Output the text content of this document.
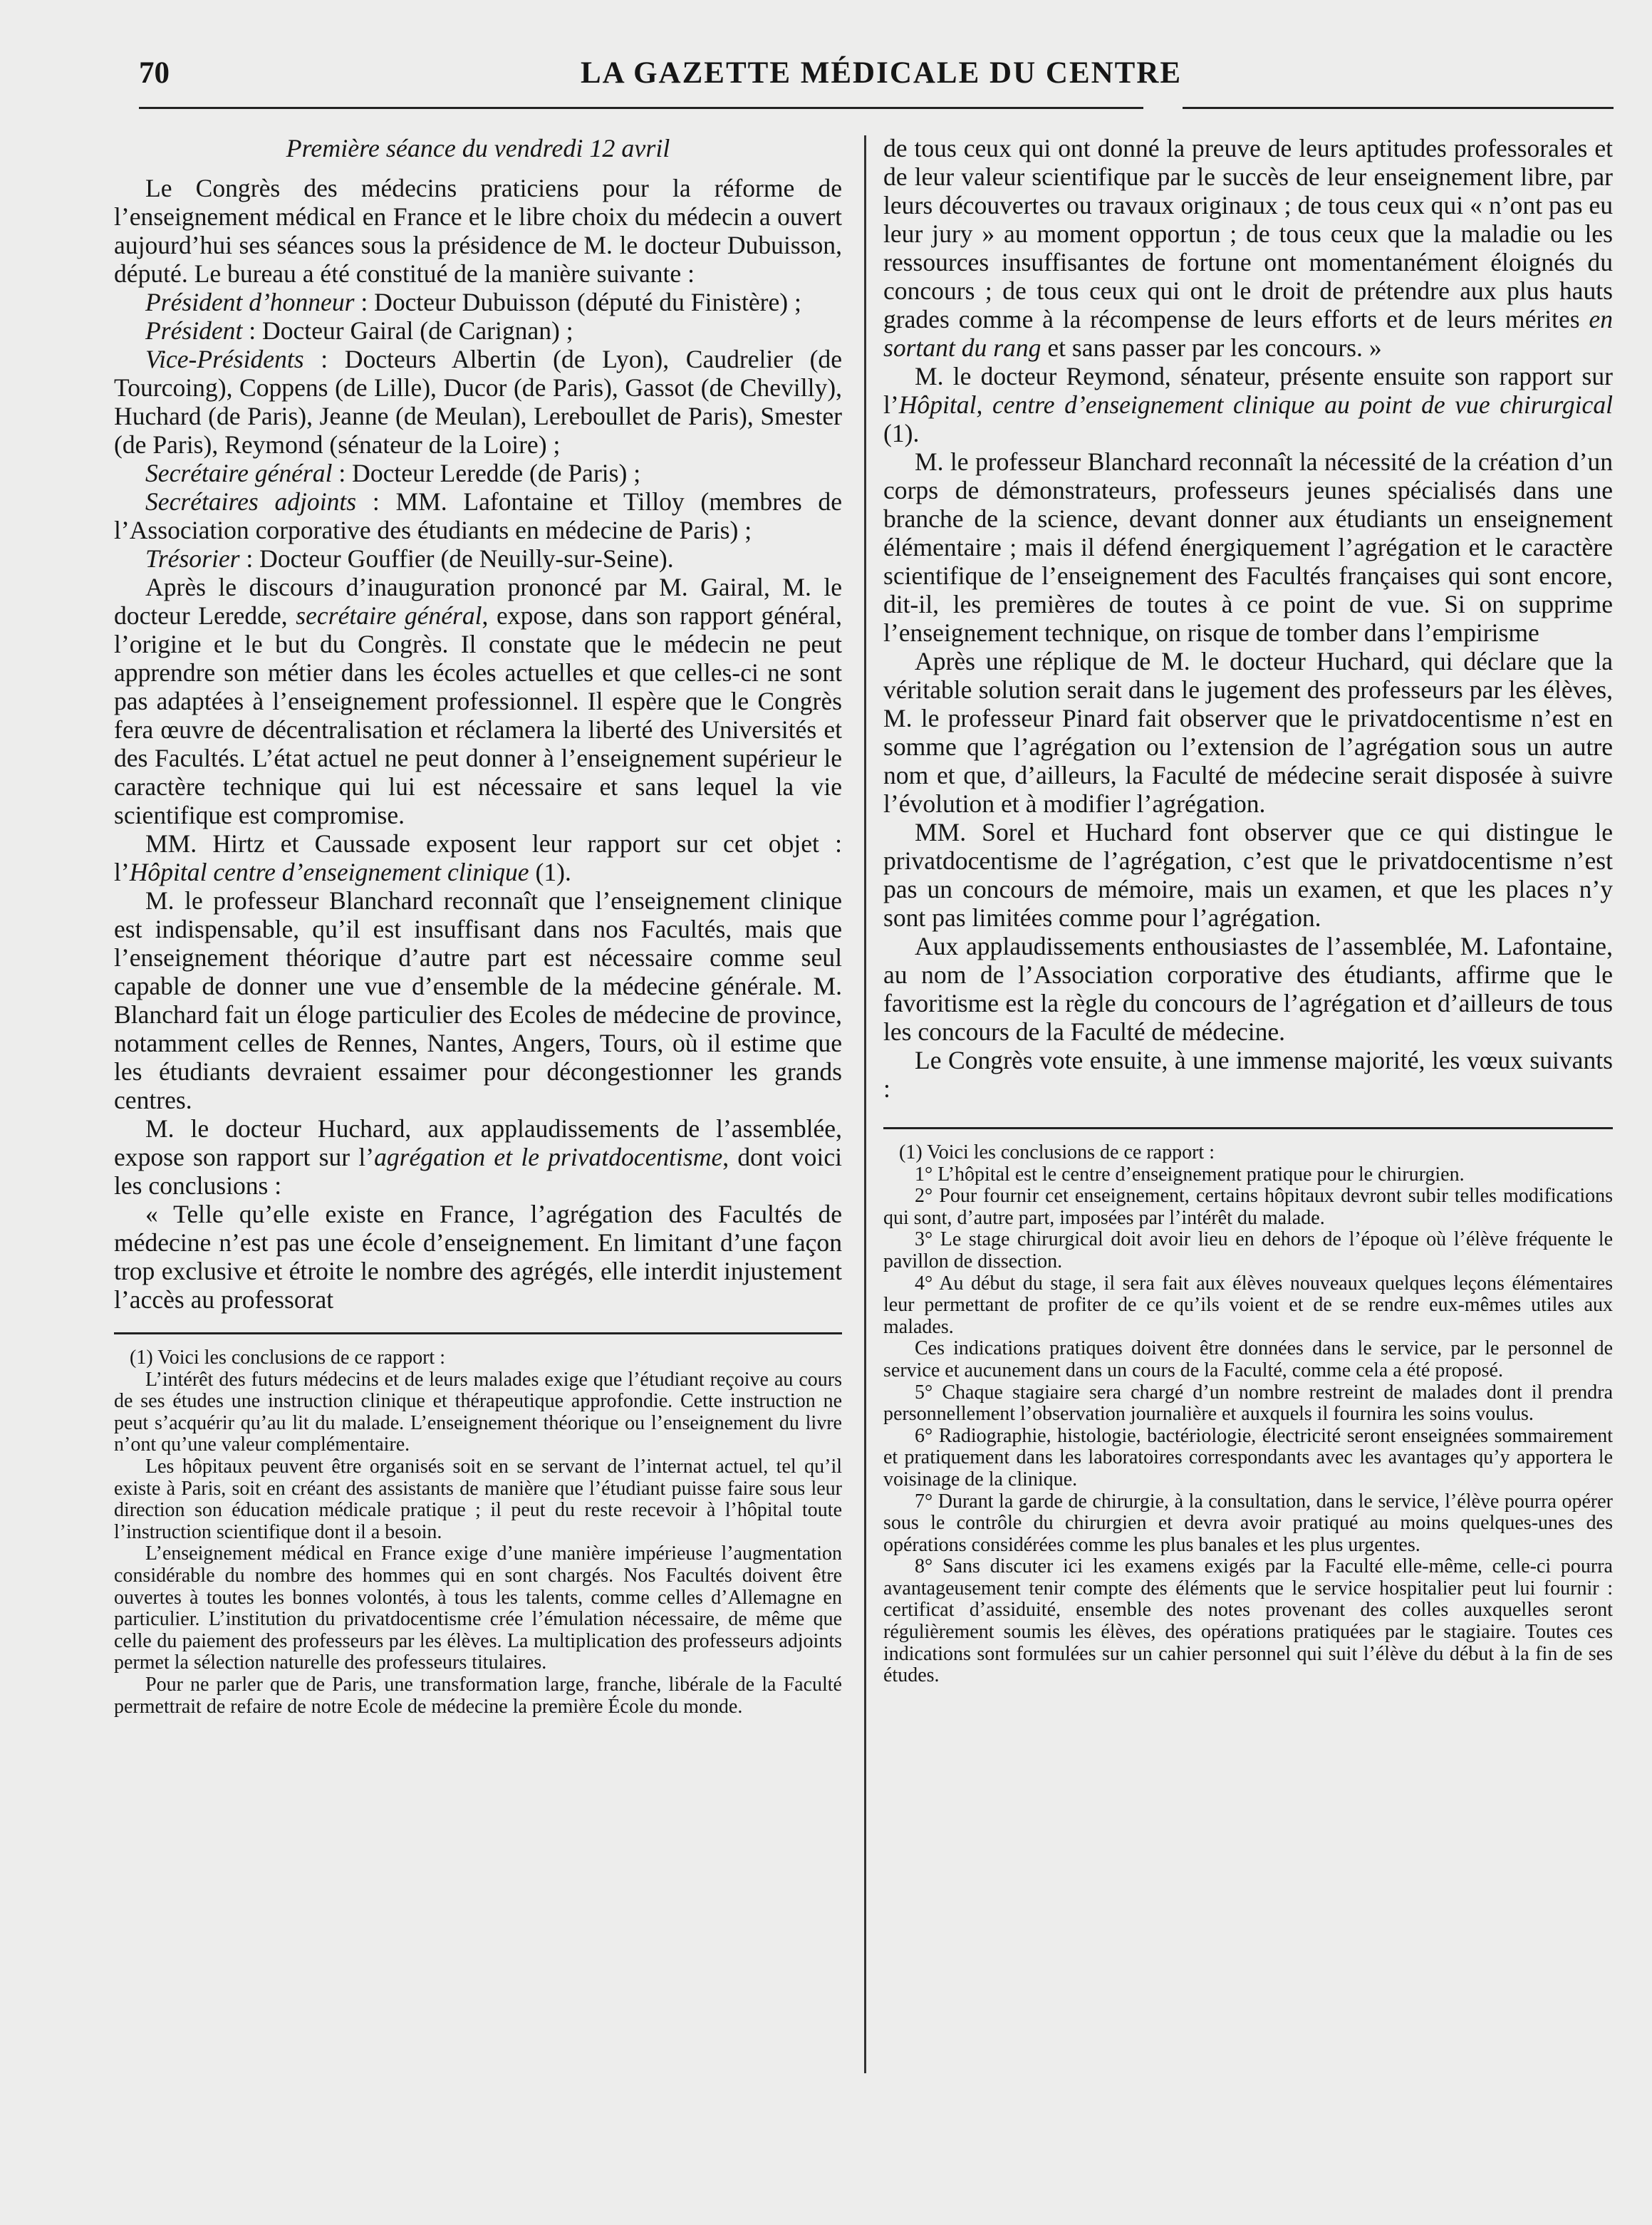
70	LA GAZETTE MÉDICALE DU CENTRE

Première séance du vendredi 12 avril

Le Congrès des médecins praticiens pour la réforme de l’enseignement médical en France et le libre choix du médecin a ouvert aujourd’hui ses séances sous la présidence de M. le docteur Dubuisson, député. Le bureau a été constitué de la manière suivante :

Président d’honneur : Docteur Dubuisson (député du Finistère) ;

Président : Docteur Gairal (de Carignan) ;

Vice-Présidents : Docteurs Albertin (de Lyon), Caudrelier (de Tourcoing), Coppens (de Lille), Ducor (de Paris), Gassot (de Chevilly), Huchard (de Paris), Jeanne (de Meulan), Lereboullet de Paris), Smester (de Paris), Reymond (sénateur de la Loire) ;

Secrétaire général : Docteur Leredde (de Paris) ;

Secrétaires adjoints : MM. Lafontaine et Tilloy (membres de l’Association corporative des étudiants en médecine de Paris) ;

Trésorier : Docteur Gouffier (de Neuilly-sur-Seine).

Après le discours d’inauguration prononcé par M. Gairal, M. le docteur Leredde, secrétaire général, expose, dans son rapport général, l’origine et le but du Congrès. Il constate que le médecin ne peut apprendre son métier dans les écoles actuelles et que celles-ci ne sont pas adaptées à l’enseignement professionnel. Il espère que le Congrès fera œuvre de décentralisation et réclamera la liberté des Universités et des Facultés. L’état actuel ne peut donner à l’enseignement supérieur le caractère technique qui lui est nécessaire et sans lequel la vie scientifique est compromise.

MM. Hirtz et Caussade exposent leur rapport sur cet objet : l’Hôpital centre d’enseignement clinique (1).

M. le professeur Blanchard reconnaît que l’enseignement clinique est indispensable, qu’il est insuffisant dans nos Facultés, mais que l’enseignement théorique d’autre part est nécessaire comme seul capable de donner une vue d’ensemble de la médecine générale. M. Blanchard fait un éloge particulier des Ecoles de médecine de province, notamment celles de Rennes, Nantes, Angers, Tours, où il estime que les étudiants devraient essaimer pour décongestionner les grands centres.

M. le docteur Huchard, aux applaudissements de l’assemblée, expose son rapport sur l’agrégation et le privatdocentisme, dont voici les conclusions :

« Telle qu’elle existe en France, l’agrégation des Facultés de médecine n’est pas une école d’enseignement. En limitant d’une façon trop exclusive et étroite le nombre des agrégés, elle interdit injustement l’accès au professorat

(1) Voici les conclusions de ce rapport :

L’intérêt des futurs médecins et de leurs malades exige que l’étudiant reçoive au cours de ses études une instruction clinique et thérapeutique approfondie. Cette instruction ne peut s’acquérir qu’au lit du malade. L’enseignement théorique ou l’enseignement du livre n’ont qu’une valeur complémentaire.

Les hôpitaux peuvent être organisés soit en se servant de l’internat actuel, tel qu’il existe à Paris, soit en créant des assistants de manière que l’étudiant puisse faire sous leur direction son éducation médicale pratique ; il peut du reste recevoir à l’hôpital toute l’instruction scientifique dont il a besoin.

L’enseignement médical en France exige d’une manière impérieuse l’augmentation considérable du nombre des hommes qui en sont chargés. Nos Facultés doivent être ouvertes à toutes les bonnes volontés, à tous les talents, comme celles d’Allemagne en particulier. L’institution du privatdocentisme crée l’émulation nécessaire, de même que celle du paiement des professeurs par les élèves. La multiplication des professeurs adjoints permet la sélection naturelle des professeurs titulaires.

Pour ne parler que de Paris, une transformation large, franche, libérale de la Faculté permettrait de refaire de notre Ecole de médecine la première École du monde.

de tous ceux qui ont donné la preuve de leurs aptitudes professorales et de leur valeur scientifique par le succès de leur enseignement libre, par leurs découvertes ou travaux originaux ; de tous ceux qui « n’ont pas eu leur jury » au moment opportun ; de tous ceux que la maladie ou les ressources insuffisantes de fortune ont momentanément éloignés du concours ; de tous ceux qui ont le droit de prétendre aux plus hauts grades comme à la récompense de leurs efforts et de leurs mérites en sortant du rang et sans passer par les concours. »

M. le docteur Reymond, sénateur, présente ensuite son rapport sur l’Hôpital, centre d’enseignement clinique au point de vue chirurgical (1).

M. le professeur Blanchard reconnaît la nécessité de la création d’un corps de démonstrateurs, professeurs jeunes spécialisés dans une branche de la science, devant donner aux étudiants un enseignement élémentaire ; mais il défend énergiquement l’agrégation et le caractère scientifique de l’enseignement des Facultés françaises qui sont encore, dit-il, les premières de toutes à ce point de vue. Si on supprime l’enseignement technique, on risque de tomber dans l’empirisme

Après une réplique de M. le docteur Huchard, qui déclare que la véritable solution serait dans le jugement des professeurs par les élèves, M. le professeur Pinard fait observer que le privatdocentisme n’est en somme que l’agrégation ou l’extension de l’agrégation sous un autre nom et que, d’ailleurs, la Faculté de médecine serait disposée à suivre l’évolution et à modifier l’agrégation.

MM. Sorel et Huchard font observer que ce qui distingue le privatdocentisme de l’agrégation, c’est que le privatdocentisme n’est pas un concours de mémoire, mais un examen, et que les places n’y sont pas limitées comme pour l’agrégation.

Aux applaudissements enthousiastes de l’assemblée, M. Lafontaine, au nom de l’Association corporative des étudiants, affirme que le favoritisme est la règle du concours de l’agrégation et d’ailleurs de tous les concours de la Faculté de médecine.

Le Congrès vote ensuite, à une immense majorité, les vœux suivants :

(1) Voici les conclusions de ce rapport :

1° L’hôpital est le centre d’enseignement pratique pour le chirurgien.

2° Pour fournir cet enseignement, certains hôpitaux devront subir telles modifications qui sont, d’autre part, imposées par l’intérêt du malade.

3° Le stage chirurgical doit avoir lieu en dehors de l’époque où l’élève fréquente le pavillon de dissection.

4° Au début du stage, il sera fait aux élèves nouveaux quelques leçons élémentaires leur permettant de profiter de ce qu’ils voient et de se rendre eux-mêmes utiles aux malades.

Ces indications pratiques doivent être données dans le service, par le personnel de service et aucunement dans un cours de la Faculté, comme cela a été proposé.

5° Chaque stagiaire sera chargé d’un nombre restreint de malades dont il prendra personnellement l’observation journalière et auxquels il fournira les soins voulus.

6° Radiographie, histologie, bactériologie, électricité seront enseignées sommairement et pratiquement dans les laboratoires correspondants avec les avantages qu’y apportera le voisinage de la clinique.

7° Durant la garde de chirurgie, à la consultation, dans le service, l’élève pourra opérer sous le contrôle du chirurgien et devra avoir pratiqué au moins quelques-unes des opérations considérées comme les plus banales et les plus urgentes.

8° Sans discuter ici les examens exigés par la Faculté elle-même, celle-ci pourra avantageusement tenir compte des éléments que le service hospitalier peut lui fournir : certificat d’assiduité, ensemble des notes provenant des colles auxquelles seront régulièrement soumis les élèves, des opérations pratiquées par le stagiaire. Toutes ces indications sont formulées sur un cahier personnel qui suit l’élève du début à la fin de ses études.
